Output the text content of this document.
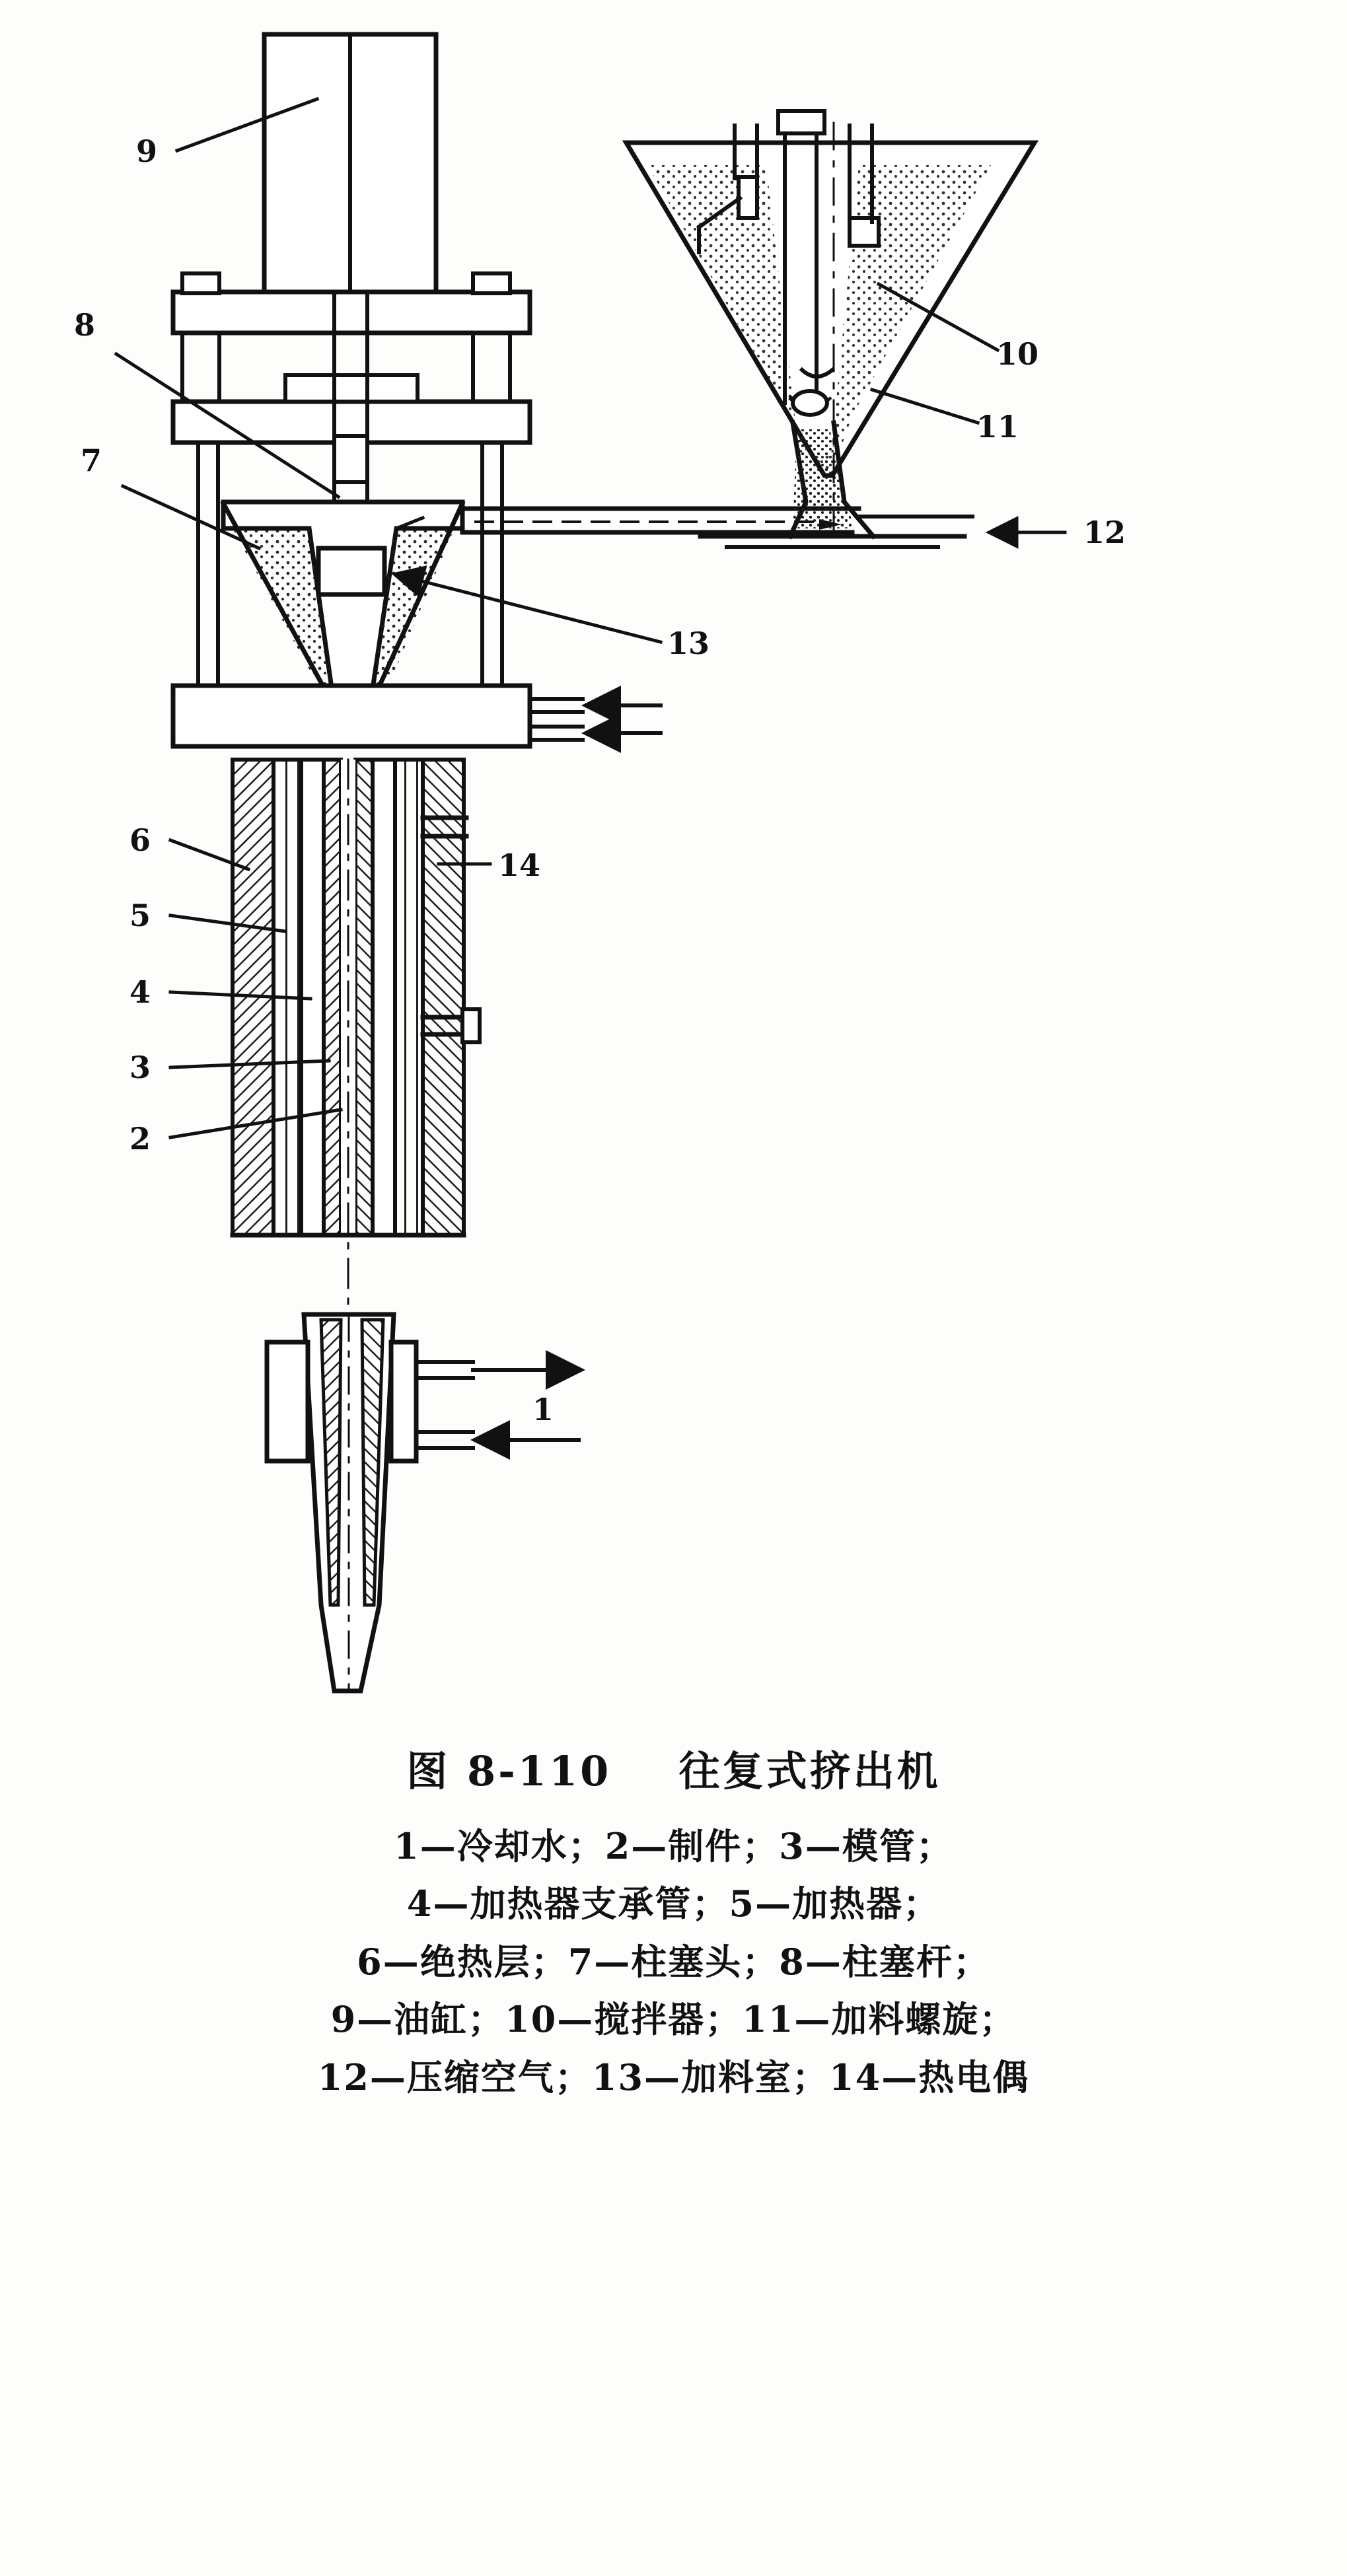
9
8
7
6
5
4
3
2
1
10
11
12
13
14
图 8-110    往复式挤出机
1—冷却水；2—制件；3—模管；
4—加热器支承管；5—加热器；
6—绝热层；7—柱塞头；8—柱塞杆；
9—油缸；10—搅拌器；11—加料螺旋；
12—压缩空气；13—加料室；14—热电偶
